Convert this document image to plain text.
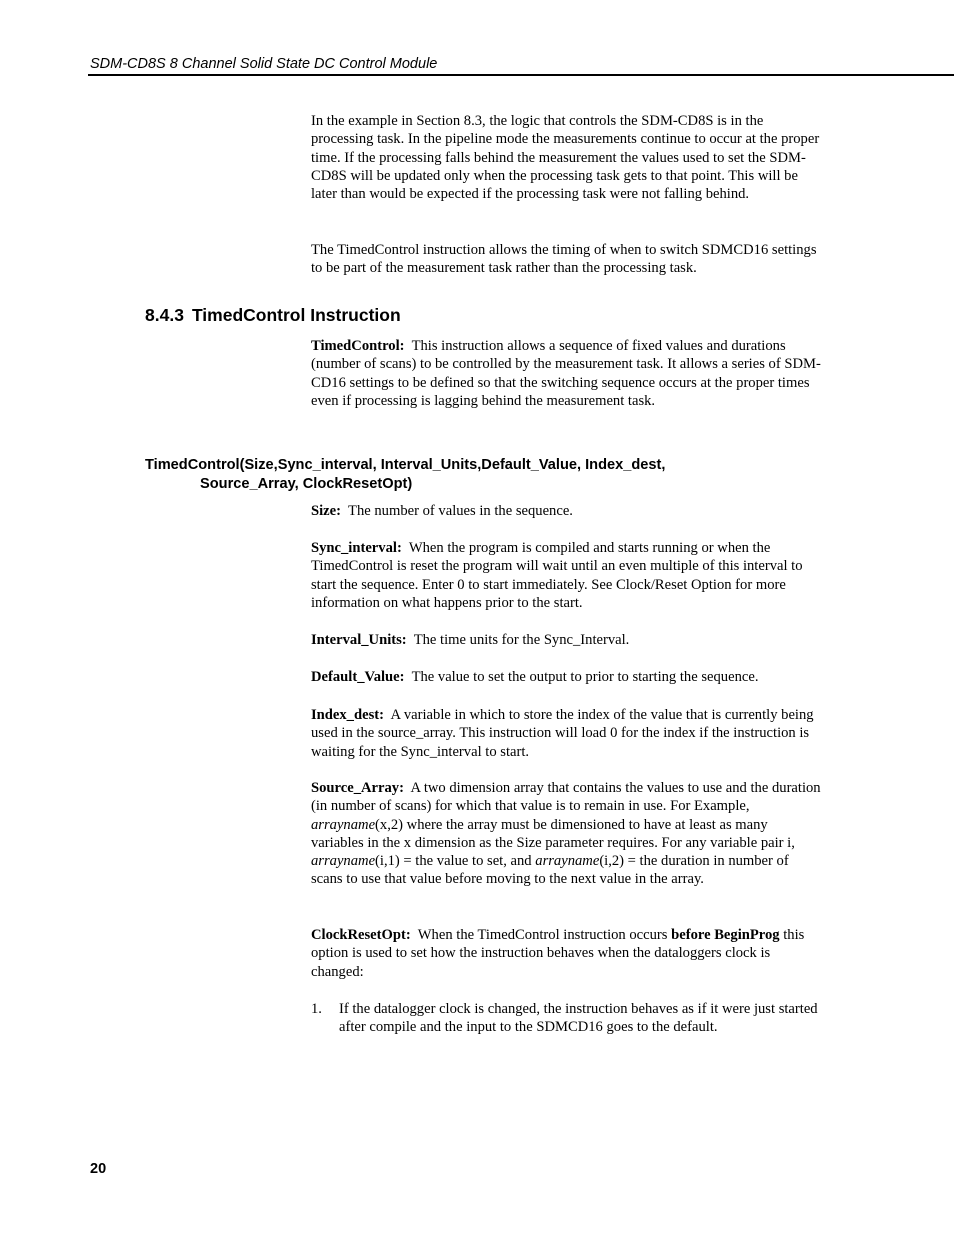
SDM-CD8S 8 Channel Solid State DC Control Module

In the example in Section 8.3, the logic that controls the SDM-CD8S is in the processing task. In the pipeline mode the measurements continue to occur at the proper time. If the processing falls behind the measurement the values used to set the SDM-CD8S will be updated only when the processing task gets to that point. This will be later than would be expected if the processing task were not falling behind.

The TimedControl instruction allows the timing of when to switch SDMCD16 settings to be part of the measurement task rather than the processing task.

8.4.3 TimedControl Instruction

TimedControl: This instruction allows a sequence of fixed values and durations (number of scans) to be controlled by the measurement task. It allows a series of SDM-CD16 settings to be defined so that the switching sequence occurs at the proper times even if processing is lagging behind the measurement task.

TimedControl(Size,Sync_interval, Interval_Units,Default_Value, Index_dest,
Source_Array, ClockResetOpt)

Size: The number of values in the sequence.

Sync_interval: When the program is compiled and starts running or when the TimedControl is reset the program will wait until an even multiple of this interval to start the sequence. Enter 0 to start immediately. See Clock/Reset Option for more information on what happens prior to the start.

Interval_Units: The time units for the Sync_Interval.

Default_Value: The value to set the output to prior to starting the sequence.

Index_dest: A variable in which to store the index of the value that is currently being used in the source_array. This instruction will load 0 for the index if the instruction is waiting for the Sync_interval to start.

Source_Array: A two dimension array that contains the values to use and the duration (in number of scans) for which that value is to remain in use. For Example, arrayname(x,2) where the array must be dimensioned to have at least as many variables in the x dimension as the Size parameter requires. For any variable pair i, arrayname(i,1) = the value to set, and arrayname(i,2) = the duration in number of scans to use that value before moving to the next value in the array.

ClockResetOpt: When the TimedControl instruction occurs before BeginProg this option is used to set how the instruction behaves when the dataloggers clock is changed:

1.	If the datalogger clock is changed, the instruction behaves as if it were just started after compile and the input to the SDMCD16 goes to the default.
20
